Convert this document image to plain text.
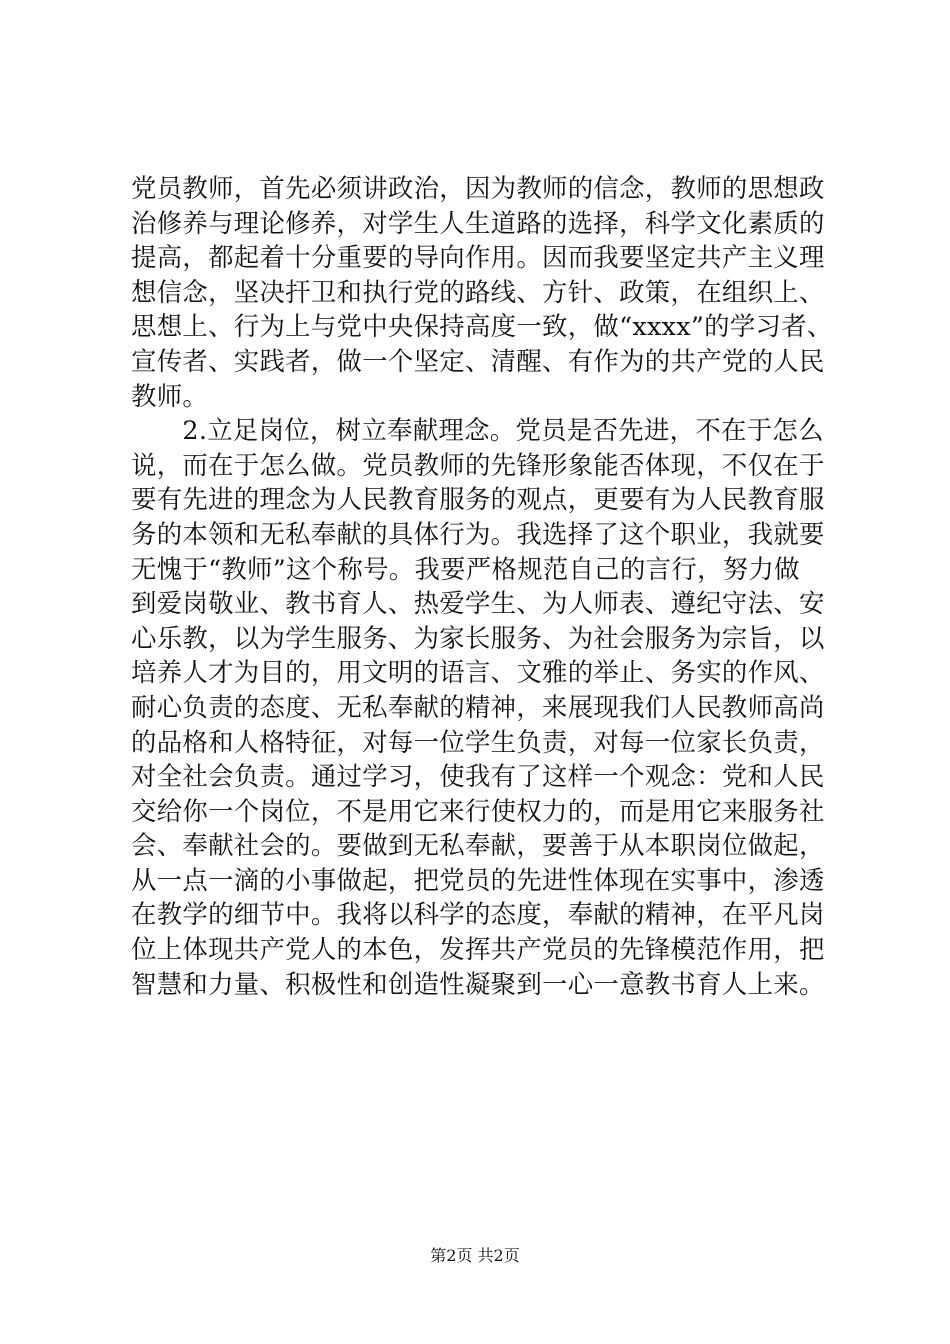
党员教师，首先必须讲政治，因为教师的信念，教师的思想政
治修养与理论修养，对学生人生道路的选择，科学文化素质的
提高，都起着十分重要的导向作用。因而我要坚定共产主义理
想信念，坚决扞卫和执行党的路线、方针、政策，在组织上、
思想上、行为上与党中央保持高度一致，做“xxxx”的学习者、
宣传者、实践者，做一个坚定、清醒、有作为的共产党的人民
教师。
　　2.立足岗位，树立奉献理念。党员是否先进，不在于怎么
说，而在于怎么做。党员教师的先锋形象能否体现，不仅在于
要有先进的理念为人民教育服务的观点，更要有为人民教育服
务的本领和无私奉献的具体行为。我选择了这个职业，我就要
无愧于“教师”这个称号。我要严格规范自己的言行，努力做
到爱岗敬业、教书育人、热爱学生、为人师表、遵纪守法、安
心乐教，以为学生服务、为家长服务、为社会服务为宗旨，以
培养人才为目的，用文明的语言、文雅的举止、务实的作风、
耐心负责的态度、无私奉献的精神，来展现我们人民教师高尚
的品格和人格特征，对每一位学生负责，对每一位家长负责，
对全社会负责。通过学习，使我有了这样一个观念：党和人民
交给你一个岗位，不是用它来行使权力的，而是用它来服务社
会、奉献社会的。要做到无私奉献，要善于从本职岗位做起，
从一点一滴的小事做起，把党员的先进性体现在实事中，渗透
在教学的细节中。我将以科学的态度，奉献的精神，在平凡岗
位上体现共产党人的本色，发挥共产党员的先锋模范作用，把
智慧和力量、积极性和创造性凝聚到一心一意教书育人上来。
第2页 共2页
